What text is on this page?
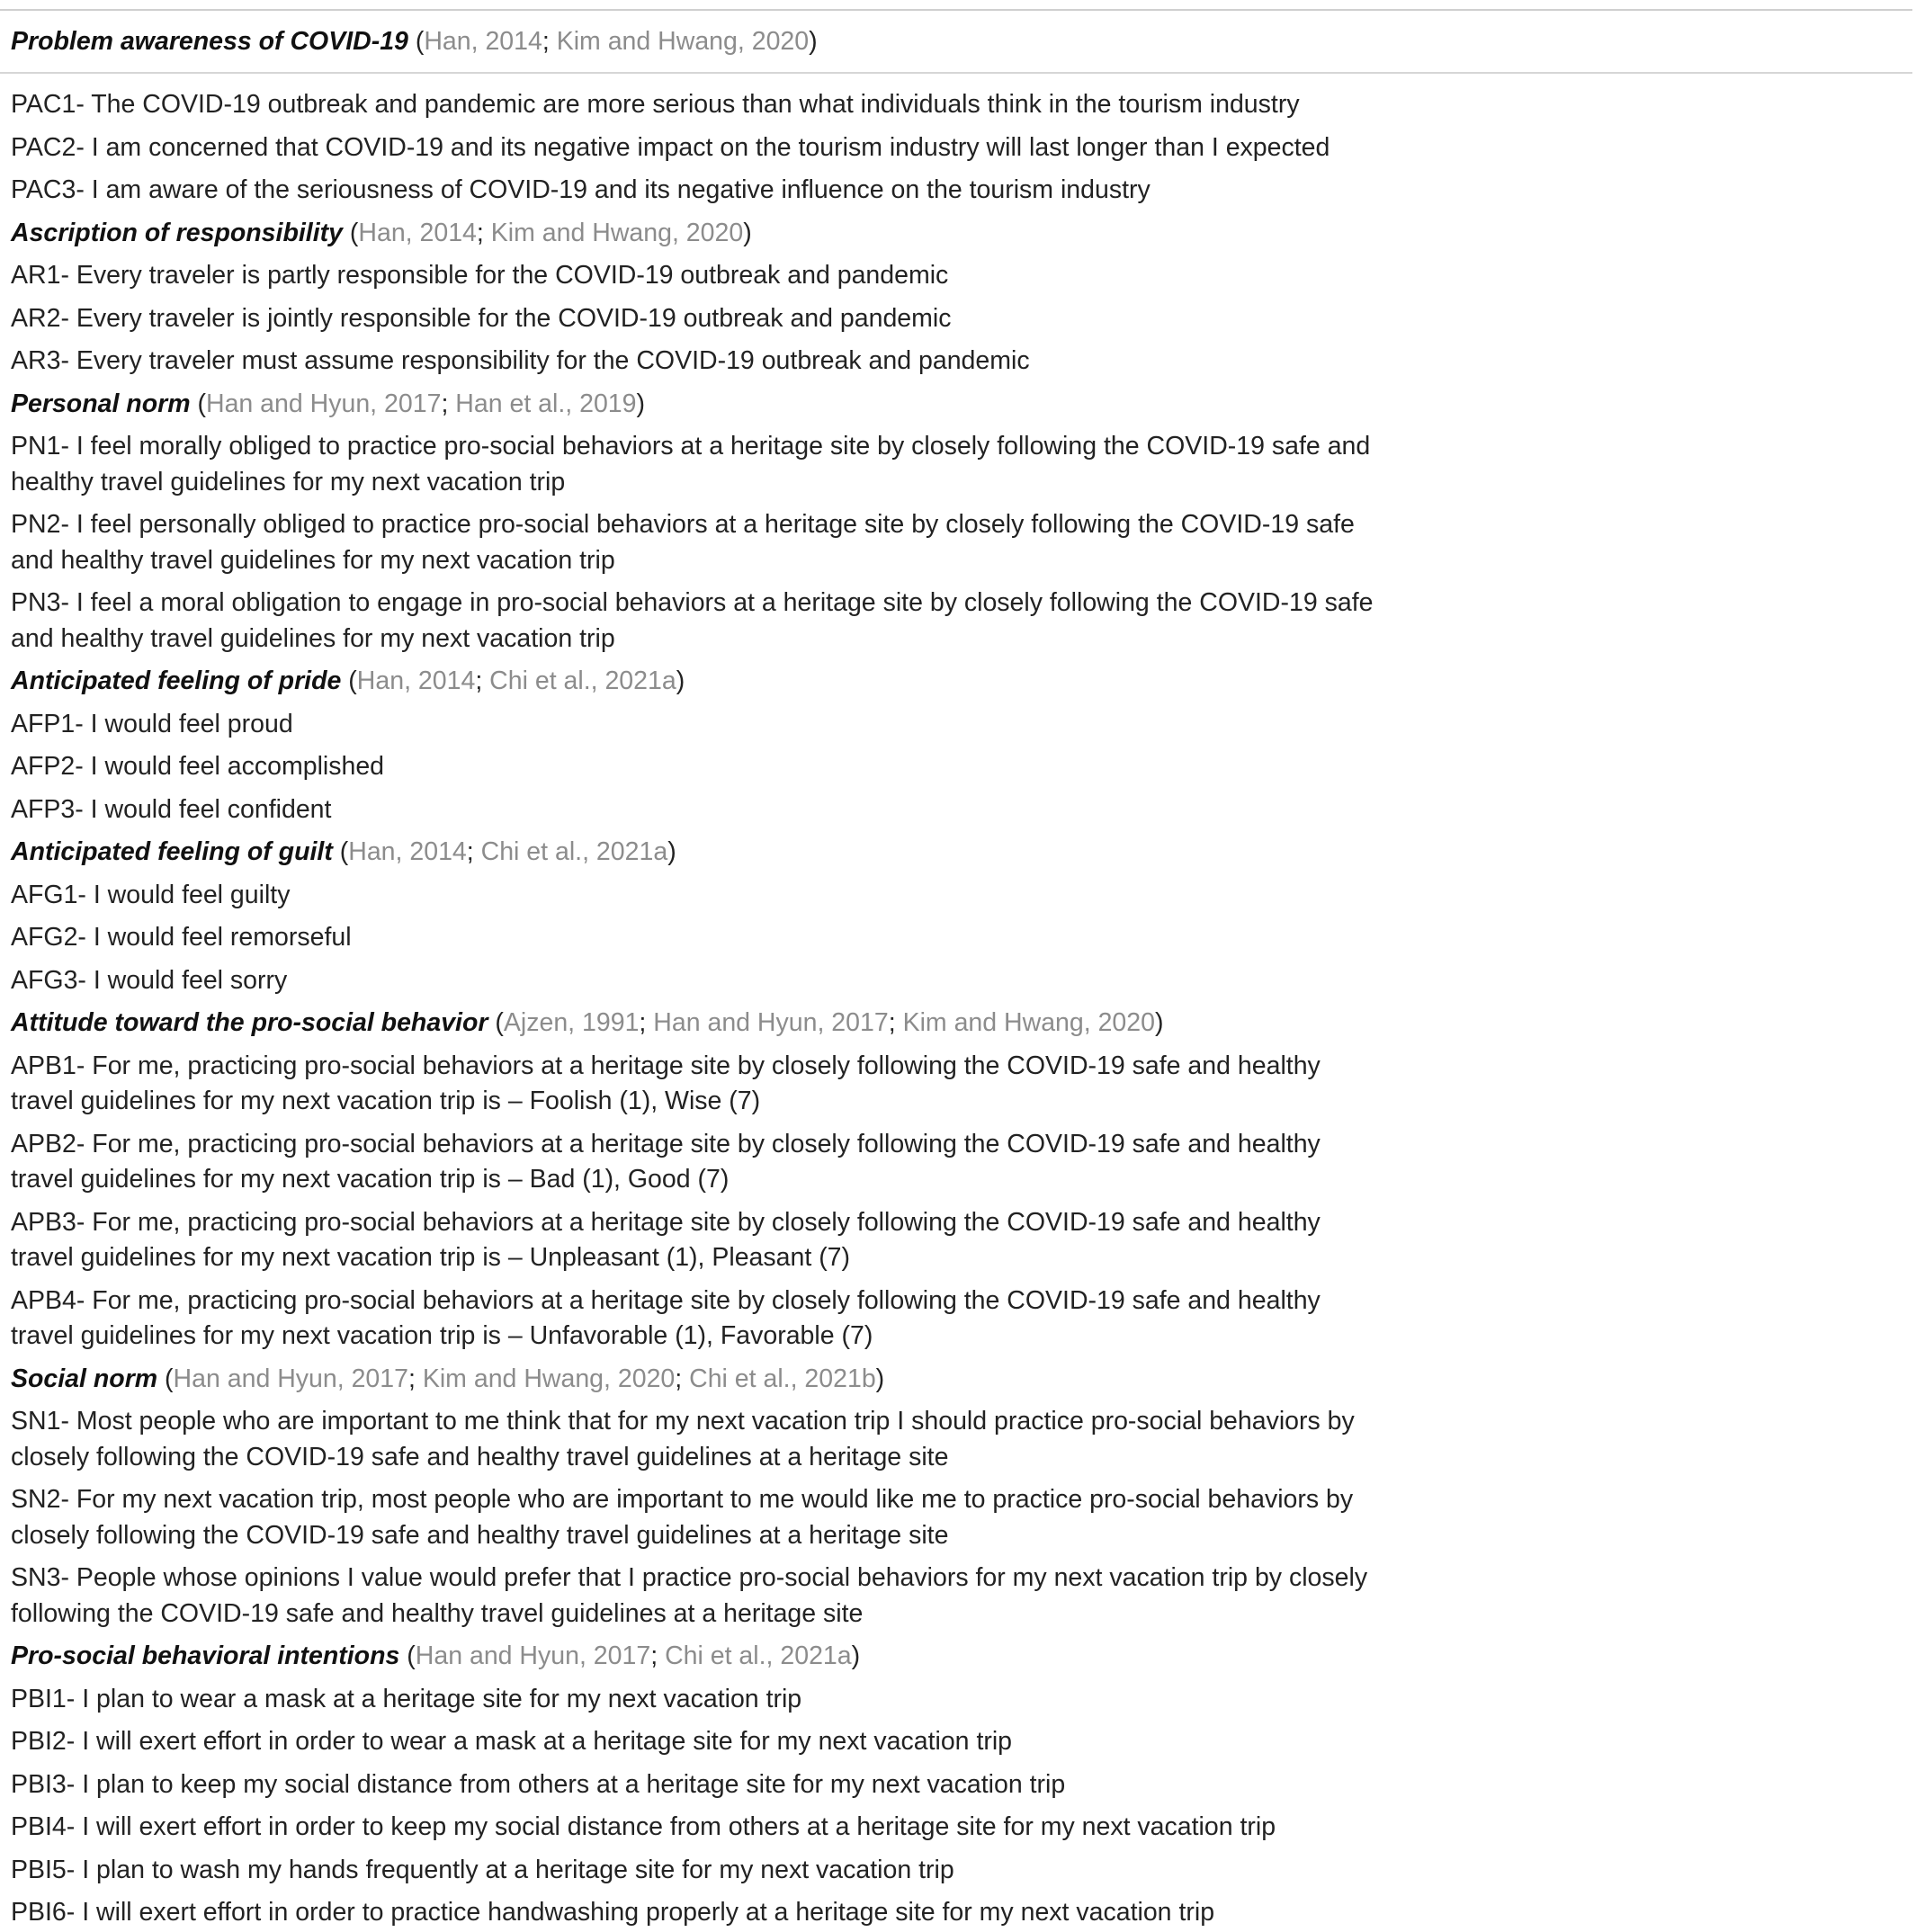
Problem awareness of COVID-19 (Han, 2014; Kim and Hwang, 2020)
PAC1- The COVID-19 outbreak and pandemic are more serious than what individuals think in the tourism industry
PAC2- I am concerned that COVID-19 and its negative impact on the tourism industry will last longer than I expected
PAC3- I am aware of the seriousness of COVID-19 and its negative influence on the tourism industry
Ascription of responsibility (Han, 2014; Kim and Hwang, 2020)
AR1- Every traveler is partly responsible for the COVID-19 outbreak and pandemic
AR2- Every traveler is jointly responsible for the COVID-19 outbreak and pandemic
AR3- Every traveler must assume responsibility for the COVID-19 outbreak and pandemic
Personal norm (Han and Hyun, 2017; Han et al., 2019)
PN1- I feel morally obliged to practice pro-social behaviors at a heritage site by closely following the COVID-19 safe and healthy travel guidelines for my next vacation trip
PN2- I feel personally obliged to practice pro-social behaviors at a heritage site by closely following the COVID-19 safe and healthy travel guidelines for my next vacation trip
PN3- I feel a moral obligation to engage in pro-social behaviors at a heritage site by closely following the COVID-19 safe and healthy travel guidelines for my next vacation trip
Anticipated feeling of pride (Han, 2014; Chi et al., 2021a)
AFP1- I would feel proud
AFP2- I would feel accomplished
AFP3- I would feel confident
Anticipated feeling of guilt (Han, 2014; Chi et al., 2021a)
AFG1- I would feel guilty
AFG2- I would feel remorseful
AFG3- I would feel sorry
Attitude toward the pro-social behavior (Ajzen, 1991; Han and Hyun, 2017; Kim and Hwang, 2020)
APB1- For me, practicing pro-social behaviors at a heritage site by closely following the COVID-19 safe and healthy travel guidelines for my next vacation trip is – Foolish (1), Wise (7)
APB2- For me, practicing pro-social behaviors at a heritage site by closely following the COVID-19 safe and healthy travel guidelines for my next vacation trip is – Bad (1), Good (7)
APB3- For me, practicing pro-social behaviors at a heritage site by closely following the COVID-19 safe and healthy travel guidelines for my next vacation trip is – Unpleasant (1), Pleasant (7)
APB4- For me, practicing pro-social behaviors at a heritage site by closely following the COVID-19 safe and healthy travel guidelines for my next vacation trip is – Unfavorable (1), Favorable (7)
Social norm (Han and Hyun, 2017; Kim and Hwang, 2020; Chi et al., 2021b)
SN1- Most people who are important to me think that for my next vacation trip I should practice pro-social behaviors by closely following the COVID-19 safe and healthy travel guidelines at a heritage site
SN2- For my next vacation trip, most people who are important to me would like me to practice pro-social behaviors by closely following the COVID-19 safe and healthy travel guidelines at a heritage site
SN3- People whose opinions I value would prefer that I practice pro-social behaviors for my next vacation trip by closely following the COVID-19 safe and healthy travel guidelines at a heritage site
Pro-social behavioral intentions (Han and Hyun, 2017; Chi et al., 2021a)
PBI1- I plan to wear a mask at a heritage site for my next vacation trip
PBI2- I will exert effort in order to wear a mask at a heritage site for my next vacation trip
PBI3- I plan to keep my social distance from others at a heritage site for my next vacation trip
PBI4- I will exert effort in order to keep my social distance from others at a heritage site for my next vacation trip
PBI5- I plan to wash my hands frequently at a heritage site for my next vacation trip
PBI6- I will exert effort in order to practice handwashing properly at a heritage site for my next vacation trip
